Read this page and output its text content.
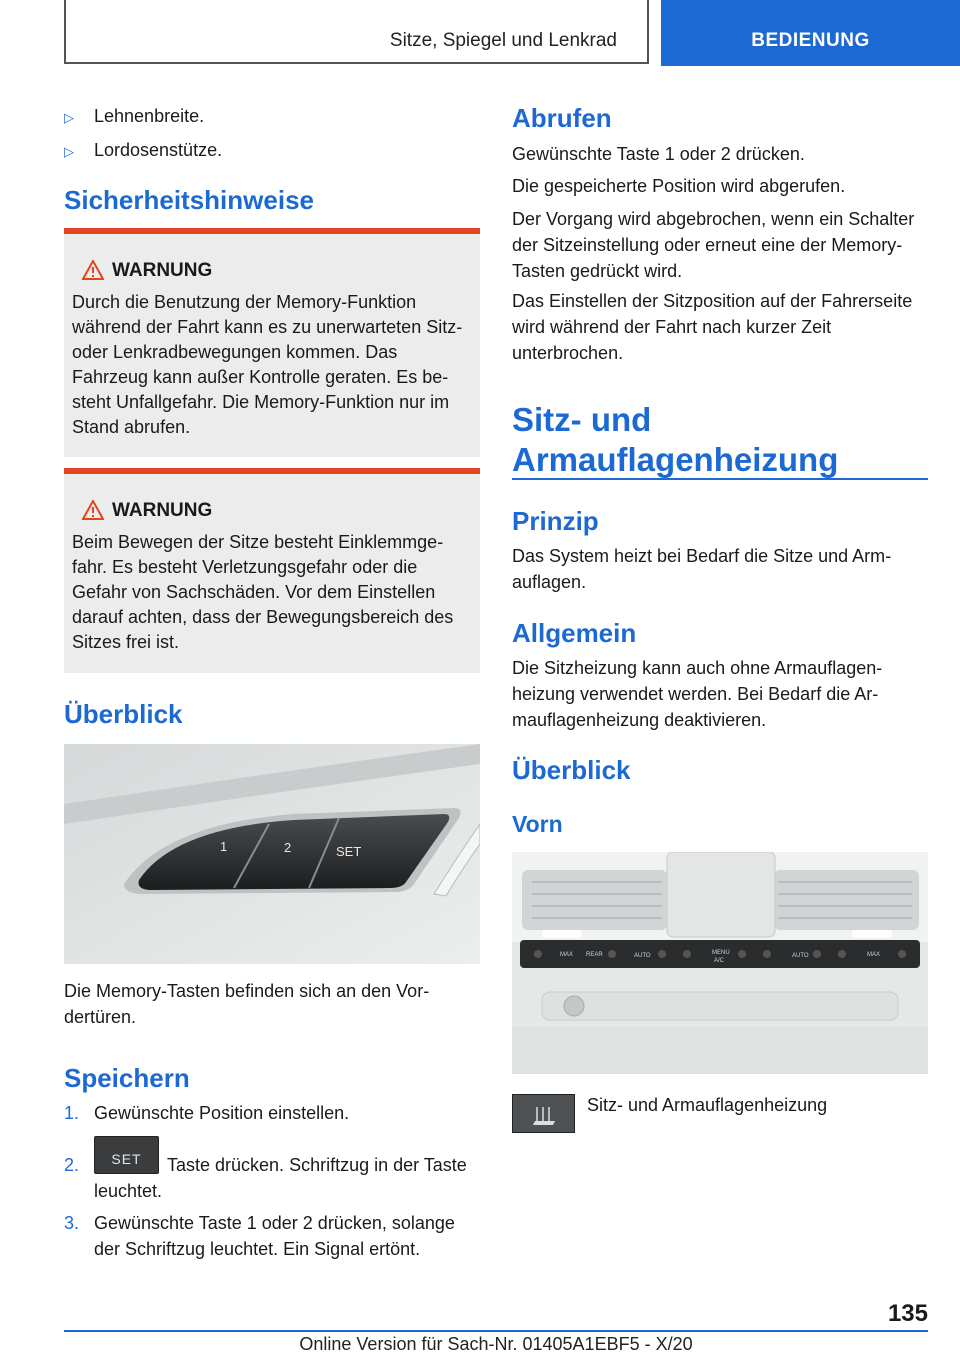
Sitze, Spiegel und Lenkrad	BEDIENUNG
▷ Lehnenbreite.
▷ Lordosenstütze.
Sicherheitshinweise
WARNUNG
Durch die Benutzung der Memory-Funktion während der Fahrt kann es zu unerwarteten Sitz- oder Lenkradbewegungen kommen. Das Fahrzeug kann außer Kontrolle geraten. Es besteht Unfallgefahr. Die Memory-Funktion nur im Stand abrufen.
WARNUNG
Beim Bewegen der Sitze besteht Einklemmgefahr. Es besteht Verletzungsgefahr oder die Gefahr von Sachschäden. Vor dem Einstellen darauf achten, dass der Bewegungsbereich des Sitzes frei ist.
Überblick
1	2	SET
Die Memory-Tasten befinden sich an den Vordertüren.
Speichern
1. Gewünschte Position einstellen.
2.	SET	Taste drücken. Schriftzug in der Taste leuchtet.
3. Gewünschte Taste 1 oder 2 drücken, solange der Schriftzug leuchtet. Ein Signal ertönt.
Abrufen
Gewünschte Taste 1 oder 2 drücken.
Die gespeicherte Position wird abgerufen.
Der Vorgang wird abgebrochen, wenn ein Schalter der Sitzeinstellung oder erneut eine der Memory-Tasten gedrückt wird.
Das Einstellen der Sitzposition auf der Fahrerseite wird während der Fahrt nach kurzer Zeit unterbrochen.
Sitz- und
Armauflagenheizung
Prinzip
Das System heizt bei Bedarf die Sitze und Armauflagen.
Allgemein
Die Sitzheizung kann auch ohne Armauflagenheizung verwendet werden. Bei Bedarf die Armauflagenheizung deaktivieren.
Überblick
Vorn
MAX REAR	AUTO	MENU
A/C
AUTO	MAX
Sitz- und Armauflagenheizung
135
Online Version für Sach-Nr. 01405A1EBF5 - X/20
